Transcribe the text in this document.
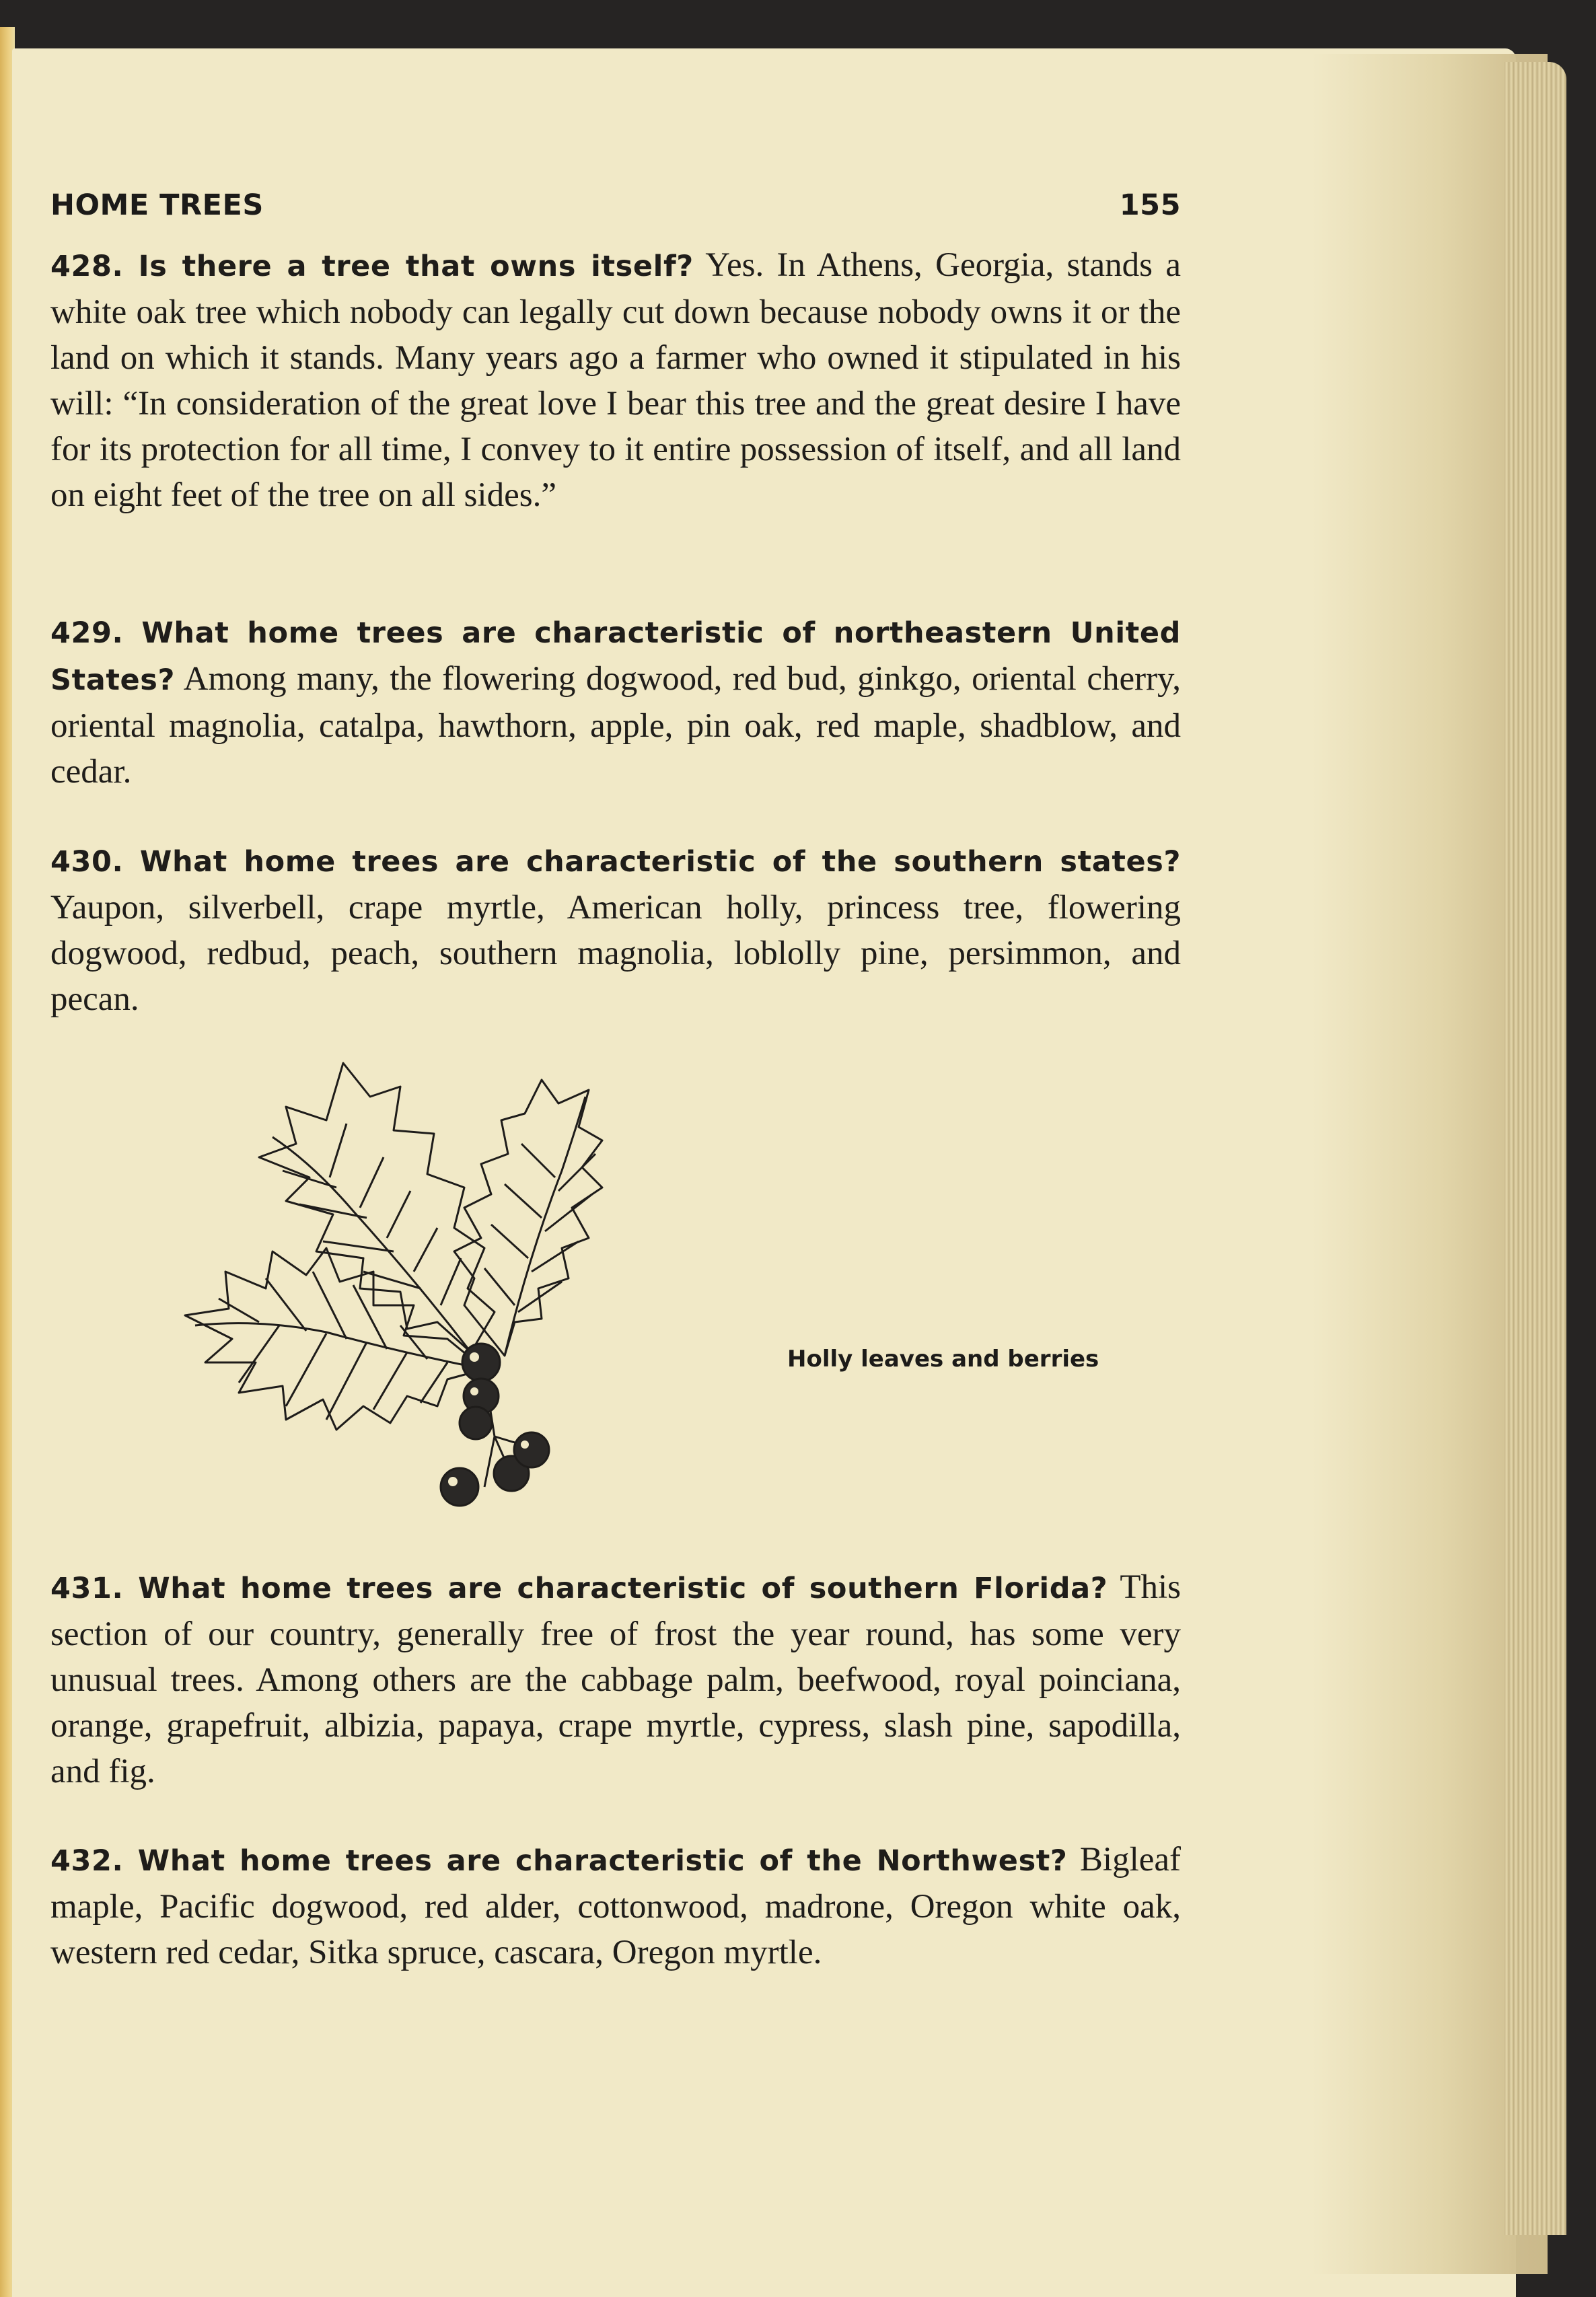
HOME TREES	155

428. Is there a tree that owns itself? Yes. In Athens, Georgia, stands a white oak tree which nobody can legally cut down because nobody owns it or the land on which it stands. Many years ago a farmer who owned it stipulated in his will: “In consideration of the great love I bear this tree and the great desire I have for its protection for all time, I convey to it entire possession of itself, and all land on eight feet of the tree on all sides.”

429. What home trees are characteristic of northeastern United States? Among many, the flowering dogwood, red bud, ginkgo, oriental cherry, oriental magnolia, catalpa, hawthorn, apple, pin oak, red maple, shadblow, and cedar.

430. What home trees are characteristic of the southern states? Yaupon, silverbell, crape myrtle, American holly, princess tree, flowering dogwood, redbud, peach, southern magnolia, loblolly pine, persimmon, and pecan.

Holly leaves and berries

431. What home trees are characteristic of southern Florida? This section of our country, generally free of frost the year round, has some very unusual trees. Among others are the cabbage palm, beefwood, royal poinciana, orange, grapefruit, albizia, papaya, crape myrtle, cypress, slash pine, sapodilla, and fig.

432. What home trees are characteristic of the Northwest? Bigleaf maple, Pacific dogwood, red alder, cottonwood, madrone, Oregon white oak, western red cedar, Sitka spruce, cascara, Oregon myrtle.
